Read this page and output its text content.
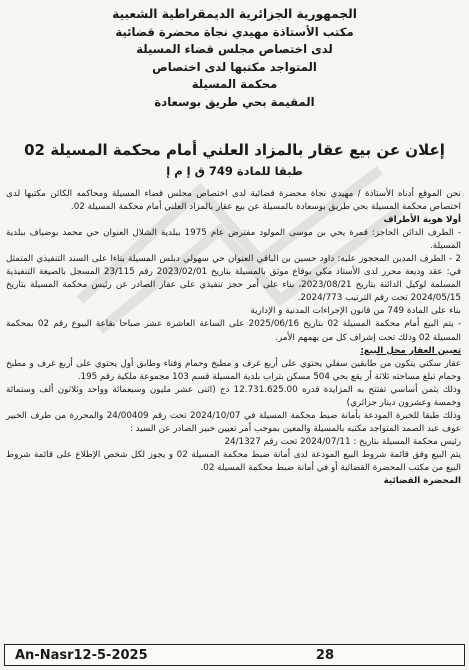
الجمهورية الجزائرية الديمقراطية الشعبية
مكتب الأستاذة مهيدي نجاة محضرة قضائية
لدى اختصاص مجلس قضاء المسيلة
المتواجد مكتبها لدى اختصاص
محكمة المسيلة
المقيمة بحي طريق بوسعادة
إعلان عن بيع عقار بالمزاد العلني أمام محكمة المسيلة 02
طبقا للمادة 749 ق إ م إ

نحن الموقع أدناه الأستاذة / مهيدي نجاة محضرة قضائية لدى اختصاص مجلس قضاء المسيلة ومحاكمه الكائن مكتبها لدى اختصاص محكمة المسيلة بحي طريق بوسعادة بالمسيلة عن بيع عقار بالمزاد العلني أمام محكمة المسيلة 02.

أولا هوية الأطراف

- الطرف الدائن الحاجز: قمرة يحي بن موسى المولود مفترض عام 1975 ببلدية الشلال العنوان حي محمد بوضياف ببلدية المسيلة.

2 - الطرف المدين المحجوز عليه: داود حسين بن الباقي العنوان حي سهولي دبلس المسيلة بناءا على السند التنفيذي المتمثل في: عقد وديعة محرر لدى الأستاذ مكي بوقاع موثق بالمسيلة بتاريخ 2023/02/01 رقم 23/115 المسجل بالصيغة التنفيذية المسلمة لوكيل الدائنة بتاريخ 2023/08/21، بناء على أمر حجز تنفيذي على عقار الصادر عن رئيس محكمة المسيلة بتاريخ 2024/05/15 تحت رقم الترتيب 2024/773.

بناء على المادة 749 من قانون الإجراءات المدنية و الإدارية

- يتم البيع أمام محكمة المسيلة 02 بتاريخ 2025/06/16 على الساعة العاشرة عشر صباحا بقاعة البيوع رقم 02 بمحكمة المسيلة 02 وذلك تحت إشراف كل من يهمهم الأمر.

تعيين العقار محل البيع:

عقار سكني يتكون من طابقين سفلي يحتوي على أربع غرف و مطبخ وحمام وفناء وطابق أول يحتوي على أربع غرف و مطبخ وحمام تبلغ مساحته ثلاثة أر يقع بحي 504 مسكن بتراب بلدية المسيلة قسم 103 مجموعة ملكية رقم 195.

وذلك بثمن أساسي تفتتح به المزايدة قدره 12.731.625.00 دج (اثنى عشر مليون وسبعمائة وواحد وثلاثون ألف وستمائة وخمسة وعشرون دينار جزائري)

وذلك طبقا للخبرة المودعة بأمانة ضبط محكمة المسيلة في 2024/10/07 تحت رقم 24/00409 والمحررة من طرف الخبير عوف عبد الصمد المتواجد مكتبه بالمسيلة والمعين بموجب أمر تعيين خبير الصادر عن السيد :

رئيس محكمة المسيلة بتاريخ : 2024/07/11 تحت رقم 24/1327

يتم البيع وفق قائمة شروط البيع المودعة لدى أمانة ضبط محكمة المسيلة 02 و يجوز لكل شخص الإطلاع على قائمة شروط البيع من مكتب المحضرة القضائية أو في أمانة ضبط محكمة المسيلة 02.

المحضرة القضائية

An-Nasr12-5-2025	28
